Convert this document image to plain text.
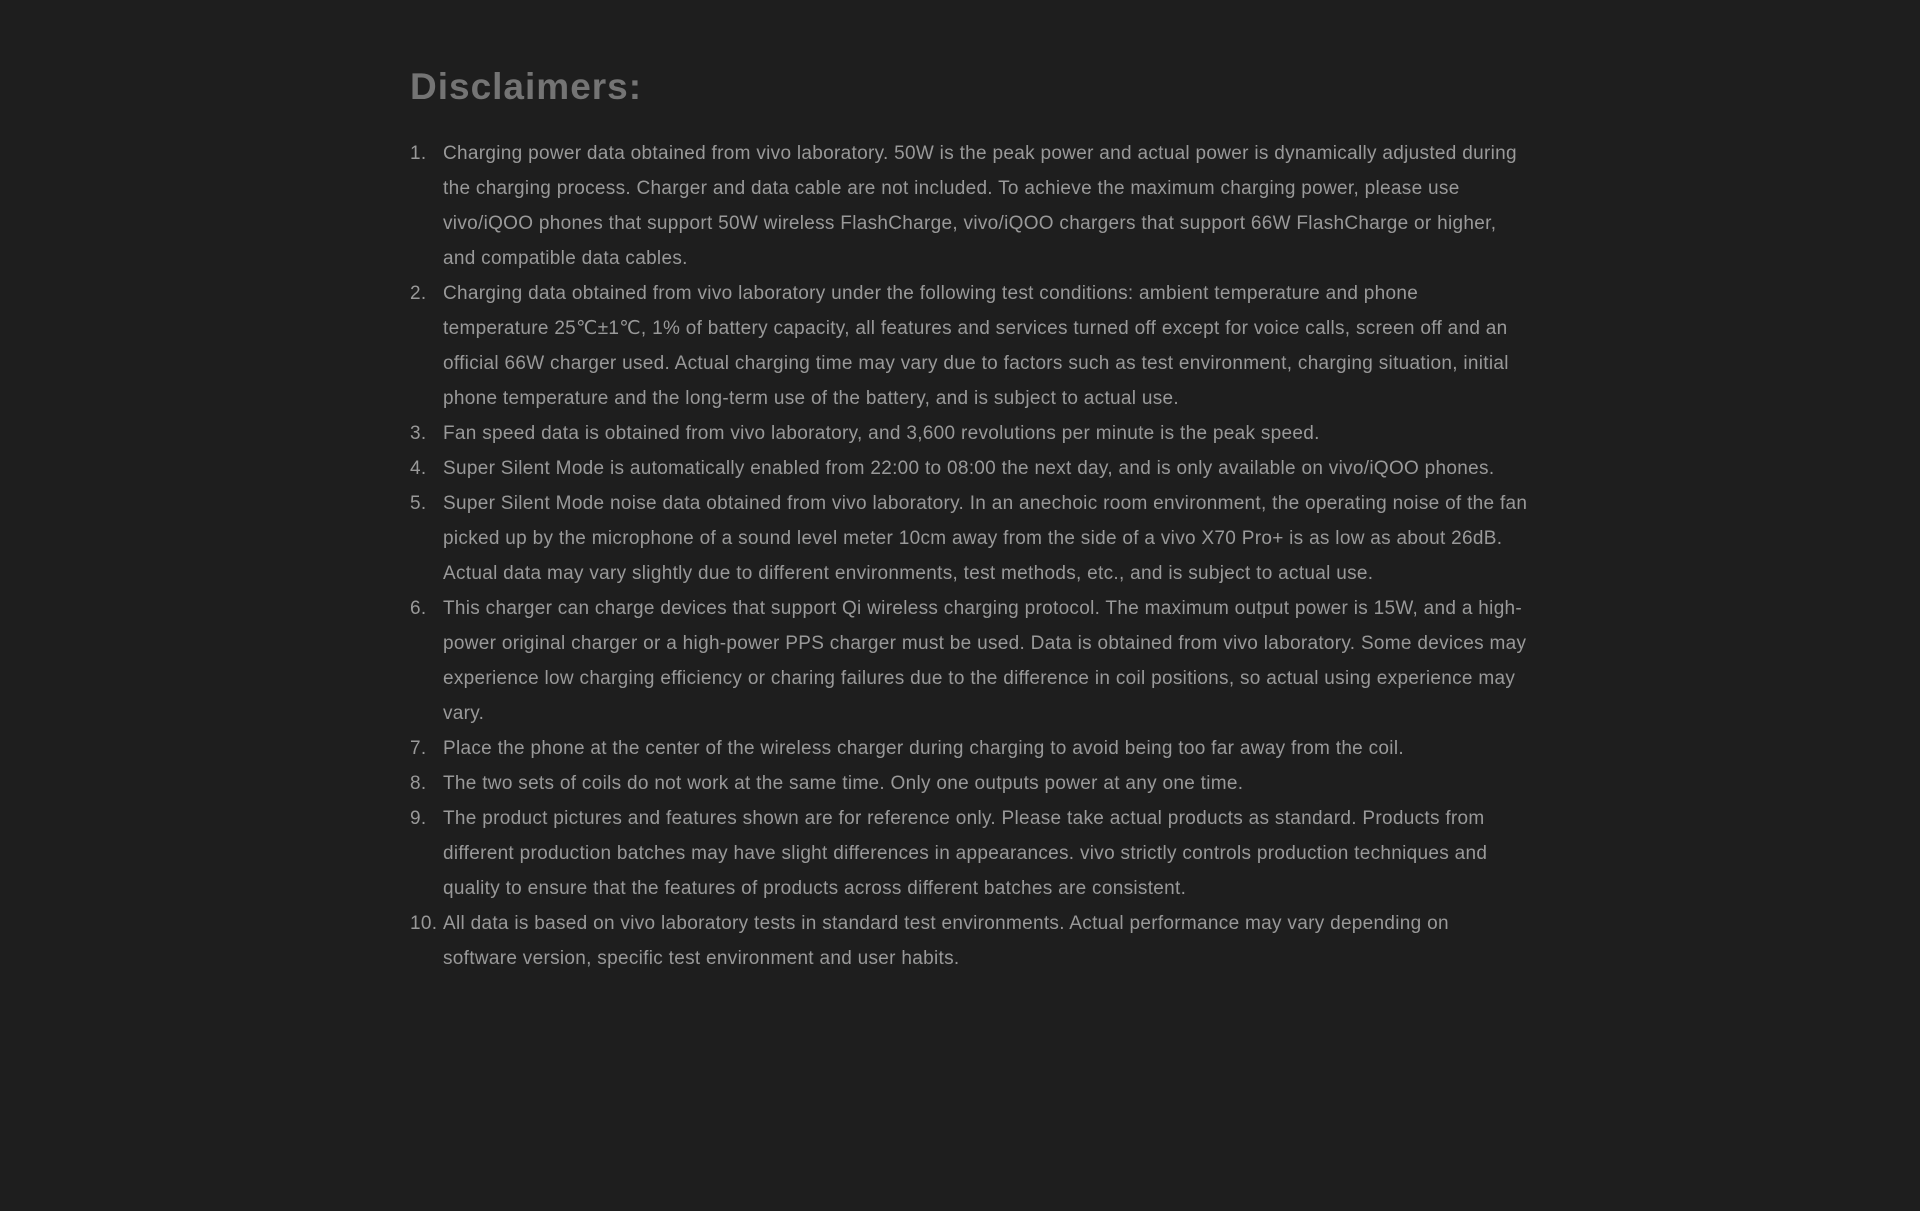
Disclaimers:
1. Charging power data obtained from vivo laboratory. 50W is the peak power and actual power is dynamically adjusted during the charging process. Charger and data cable are not included. To achieve the maximum charging power, please use vivo/iQOO phones that support 50W wireless FlashCharge, vivo/iQOO chargers that support 66W FlashCharge or higher, and compatible data cables.
2. Charging data obtained from vivo laboratory under the following test conditions: ambient temperature and phone temperature 25℃±1℃, 1% of battery capacity, all features and services turned off except for voice calls, screen off and an official 66W charger used. Actual charging time may vary due to factors such as test environment, charging situation, initial phone temperature and the long-term use of the battery, and is subject to actual use.
3. Fan speed data is obtained from vivo laboratory, and 3,600 revolutions per minute is the peak speed.
4. Super Silent Mode is automatically enabled from 22:00 to 08:00 the next day, and is only available on vivo/iQOO phones.
5. Super Silent Mode noise data obtained from vivo laboratory. In an anechoic room environment, the operating noise of the fan picked up by the microphone of a sound level meter 10cm away from the side of a vivo X70 Pro+ is as low as about 26dB. Actual data may vary slightly due to different environments, test methods, etc., and is subject to actual use.
6. This charger can charge devices that support Qi wireless charging protocol. The maximum output power is 15W, and a high-power original charger or a high-power PPS charger must be used. Data is obtained from vivo laboratory. Some devices may experience low charging efficiency or charing failures due to the difference in coil positions, so actual using experience may vary.
7. Place the phone at the center of the wireless charger during charging to avoid being too far away from the coil.
8. The two sets of coils do not work at the same time. Only one outputs power at any one time.
9. The product pictures and features shown are for reference only. Please take actual products as standard. Products from different production batches may have slight differences in appearances. vivo strictly controls production techniques and quality to ensure that the features of products across different batches are consistent.
10. All data is based on vivo laboratory tests in standard test environments. Actual performance may vary depending on software version, specific test environment and user habits.
